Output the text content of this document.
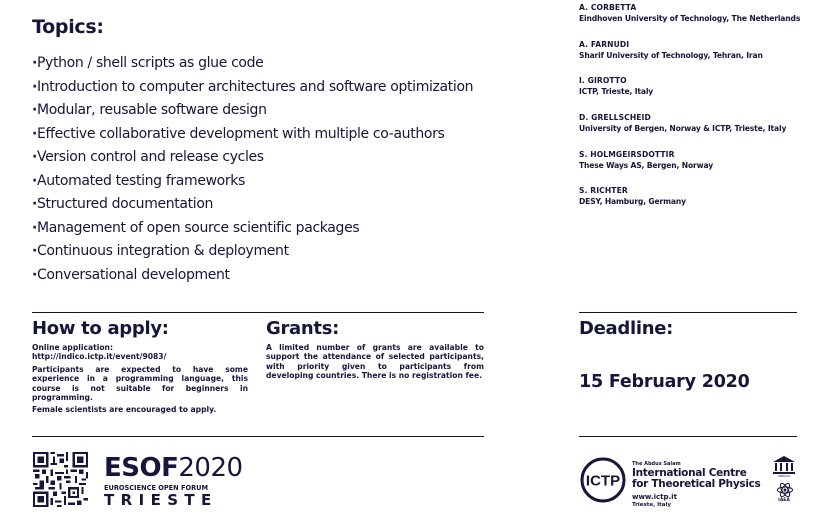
Topics:
· Python / shell scripts as glue code
· Introduction to computer architectures and software optimization
· Modular, reusable software design
· Effective collaborative development with multiple co-authors
· Version control and release cycles
· Automated testing frameworks
· Structured documentation
· Management of open source scientific packages
· Continuous integration & deployment
· Conversational development
A. CORBETTA
Eindhoven University of Technology, The Netherlands
A. FARNUDI
Sharif University of Technology, Tehran, Iran
I. GIROTTO
ICTP, Trieste, Italy
D. GRELLSCHEID
University of Bergen, Norway & ICTP, Trieste, Italy
S. HOLMGEIRSDOTTIR
These Ways AS, Bergen, Norway
S. RICHTER
DESY, Hamburg, Germany
How to apply:

Online application:

http://indico.ictp.it/event/9083/

Participants are expected to have some experience in a programming language, this course is not suitable for beginners in programming.

Female scientists are encouraged to apply.

Grants:

A limited number of grants are available to support the attendance of selected participants, with priority given to participants from developing countries. There is no registration fee.

Deadline:

15 February 2020

ESOF2020
EUROSCIENCE OPEN FORUM
TRIESTE
ICTP
The Abdus Salam
International Centre
for Theoretical Physics
www.ictp.it
Trieste, Italy
UNESCO
IAEA
